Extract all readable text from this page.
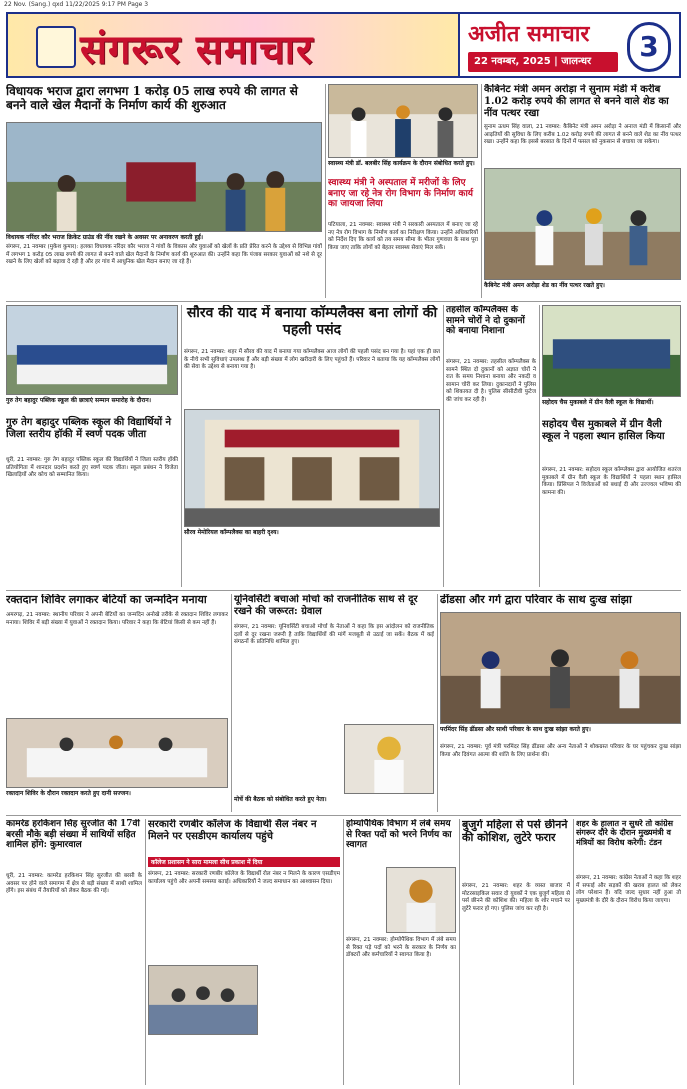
22 Nov. (Sang.) qxd 11/22/2025 9:17 PM Page 3
संगरूर समाचार	अजीत समाचार
22 नवम्बर, 2025 | जालन्धर	3
विधायक भराज द्वारा लगभग 1 करोड़ 05 लाख रुपये की लागत से बनने वाले खेल मैदानों के निर्माण कार्य की शुरुआत
विधायक नरिंदर कौर भराज क्रिकेट ग्राउंड की नींव रखने के अवसर पर अनावरण करती हुईं।
संगरूर, 21 नवम्बर (मुकेश कुमार): हलका विधायक नरिंदर कौर भराज ने गांवों के विकास और युवाओं को खेलों के प्रति प्रेरित करने के उद्देश्य से विभिन्न गांवों में लगभग 1 करोड़ 05 लाख रुपये की लागत से बनने वाले खेल मैदानों के निर्माण कार्य की शुरुआत की। उन्होंने कहा कि पंजाब सरकार युवाओं को नशे से दूर रखने के लिए खेलों को बढ़ावा दे रही है और हर गांव में आधुनिक खेल मैदान बनाए जा रहे हैं।
स्वास्थ्य मंत्री डॉ. बलबीर सिंह कार्यक्रम के दौरान संबोधित करते हुए।
स्वास्थ्य मंत्री ने अस्पताल में मरीजों के लिए बनाए जा रहे नेत्र रोग विभाग के निर्माण कार्य का जायजा लिया
पटियाला, 21 नवम्बर: स्वास्थ्य मंत्री ने सरकारी अस्पताल में बनाए जा रहे नए नेत्र रोग विभाग के निर्माण कार्य का निरीक्षण किया। उन्होंने अधिकारियों को निर्देश दिए कि कार्य को तय समय सीमा के भीतर गुणवत्ता के साथ पूरा किया जाए ताकि लोगों को बेहतर स्वास्थ्य सेवाएं मिल सकें।
कैबिनेट मंत्री अमन अरोड़ा ने सुनाम मंडी में करीब 1.02 करोड़ रुपये की लागत से बनने वाले शेड का नींव पत्थर रखा
सुनाम ऊधम सिंह वाला, 21 नवम्बर: कैबिनेट मंत्री अमन अरोड़ा ने अनाज मंडी में किसानों और आढ़तियों की सुविधा के लिए करीब 1.02 करोड़ रुपये की लागत से बनने वाले शेड का नींव पत्थर रखा। उन्होंने कहा कि इससे बरसात के दिनों में फसल को नुकसान से बचाया जा सकेगा।
कैबिनेट मंत्री अमन अरोड़ा शेड का नींव पत्थर रखते हुए।
गुरु तेग बहादुर पब्लिक स्कूल की छात्राएं सम्मान समारोह के दौरान।
गुरु तेग बहादुर पब्लिक स्कूल की विद्यार्थियों ने जिला स्तरीय हॉकी में स्वर्ण पदक जीता
धूरी, 21 नवम्बर: गुरु तेग बहादुर पब्लिक स्कूल की विद्यार्थियों ने जिला स्तरीय हॉकी प्रतियोगिता में शानदार प्रदर्शन करते हुए स्वर्ण पदक जीता। स्कूल प्रबंधन ने विजेता खिलाड़ियों और कोच को सम्मानित किया।
सौरव की याद में बनाया कॉम्पलैक्स बना लोगों की पहली पसंद
संगरूर, 21 नवम्बर: शहर में सौरव की याद में बनाया गया कॉम्पलैक्स आज लोगों की पहली पसंद बन गया है। यहां एक ही छत के नीचे सभी सुविधाएं उपलब्ध हैं और बड़ी संख्या में लोग खरीदारी के लिए पहुंचते हैं। परिवार ने बताया कि यह कॉम्पलैक्स लोगों की सेवा के उद्देश्य से बनाया गया है।
सौरव मेमोरियल कॉम्पलैक्स का बाहरी दृश्य।
तहसील कॉम्पलैक्स के सामने चोरों ने दो दुकानों को बनाया निशाना
संगरूर, 21 नवम्बर: तहसील कॉम्पलैक्स के सामने स्थित दो दुकानों को अज्ञात चोरों ने रात के समय निशाना बनाया और नकदी व सामान चोरी कर लिया। दुकानदारों ने पुलिस को शिकायत दी है। पुलिस सीसीटीवी फुटेज की जांच कर रही है।	सहोदय चैस मुकाबले में ग्रीन वैली स्कूल के विद्यार्थी।
सहोदय चैस मुकाबले में ग्रीन वैली स्कूल ने पहला स्थान हासिल किया
संगरूर, 21 नवम्बर: सहोदय स्कूल कॉम्प्लेक्स द्वारा आयोजित शतरंज मुकाबले में ग्रीन वैली स्कूल के विद्यार्थियों ने पहला स्थान हासिल किया। प्रिंसिपल ने विजेताओं को बधाई दी और उज्ज्वल भविष्य की कामना की।
रक्तदान शिविर लगाकर बेटियों का जन्मदिन मनाया
अमरगढ़, 21 नवम्बर: स्थानीय परिवार ने अपनी बेटियों का जन्मदिन अनोखे तरीके से रक्तदान शिविर लगाकर मनाया। शिविर में बड़ी संख्या में युवाओं ने रक्तदान किया। परिवार ने कहा कि बेटियां किसी से कम नहीं हैं।
रक्तदान शिविर के दौरान रक्तदान करते हुए दानी सज्जन।
यूनिवर्सिटी बचाओ मोर्चा को राजनीतिक साथ से दूर रखने की जरूरत: ग्रेवाल
संगरूर, 21 नवम्बर: यूनिवर्सिटी बचाओ मोर्चा के नेताओं ने कहा कि इस आंदोलन को राजनीतिक दलों से दूर रखना जरूरी है ताकि विद्यार्थियों की मांगें मजबूती से उठाई जा सकें। बैठक में कई संगठनों के प्रतिनिधि शामिल हुए।
मोर्चे की बैठक को संबोधित करते हुए नेता।
ढींडसा और गर्ग द्वारा परिवार के साथ दुःख सांझा
परमिंदर सिंह ढींडसा और साथी परिवार के साथ दुःख सांझा करते हुए।
संगरूर, 21 नवम्बर: पूर्व मंत्री परमिंदर सिंह ढींडसा और अन्य नेताओं ने शोकग्रस्त परिवार के घर पहुंचकर दुःख सांझा किया और दिवंगत आत्मा की शांति के लिए प्रार्थना की।
कामरेड हरकिशन सिंह सुरजीत की 17वीं बरसी मौके बड़ी संख्या में साथियों सहित शामिल होंगे: कुमारवाल
धूरी, 21 नवम्बर: कामरेड हरकिशन सिंह सुरजीत की बरसी के अवसर पर होने वाले समागम में क्षेत्र से बड़ी संख्या में साथी शामिल होंगे। इस संबंध में तैयारियों को लेकर बैठक की गई।
सरकारी रणबीर कॉलेज के विद्यार्थी सैल नंबर न मिलने पर एसडीएम कार्यालय पहुंचे
कॉलेज प्रशासन ने सारा मामला सीध प्रकाश में दिया
संगरूर, 21 नवम्बर: सरकारी रणबीर कॉलेज के विद्यार्थी रोल नंबर न मिलने के कारण एसडीएम कार्यालय पहुंचे और अपनी समस्या बताई। अधिकारियों ने जल्द समाधान का आश्वासन दिया।
होम्योपैथिक विभाग में लंबे समय से रिक्त पदों को भरने निर्णय का स्वागत
संगरूर, 21 नवम्बर: होम्योपैथिक विभाग में लंबे समय से रिक्त पड़े पदों को भरने के सरकार के निर्णय का डॉक्टरों और कर्मचारियों ने स्वागत किया है।
बुजुर्ग महिला से पर्स छीनने की कोशिश, लुटेरे फरार
संगरूर, 21 नवम्बर: शहर के व्यस्त बाजार में मोटरसाइकिल सवार दो युवकों ने एक बुजुर्ग महिला से पर्स छीनने की कोशिश की। महिला के शोर मचाने पर लुटेरे फरार हो गए। पुलिस जांच कर रही है।
शहर के हालात न सुधरे तो कांग्रेस संगरूर दौरे के दौरान मुख्यमंत्री व मंत्रियों का विरोध करेगी: टंडन
संगरूर, 21 नवम्बर: कांग्रेस नेताओं ने कहा कि शहर में सफाई और सड़कों की खराब हालत को लेकर लोग परेशान हैं। यदि जल्द सुधार नहीं हुआ तो मुख्यमंत्री के दौरे के दौरान विरोध किया जाएगा।
